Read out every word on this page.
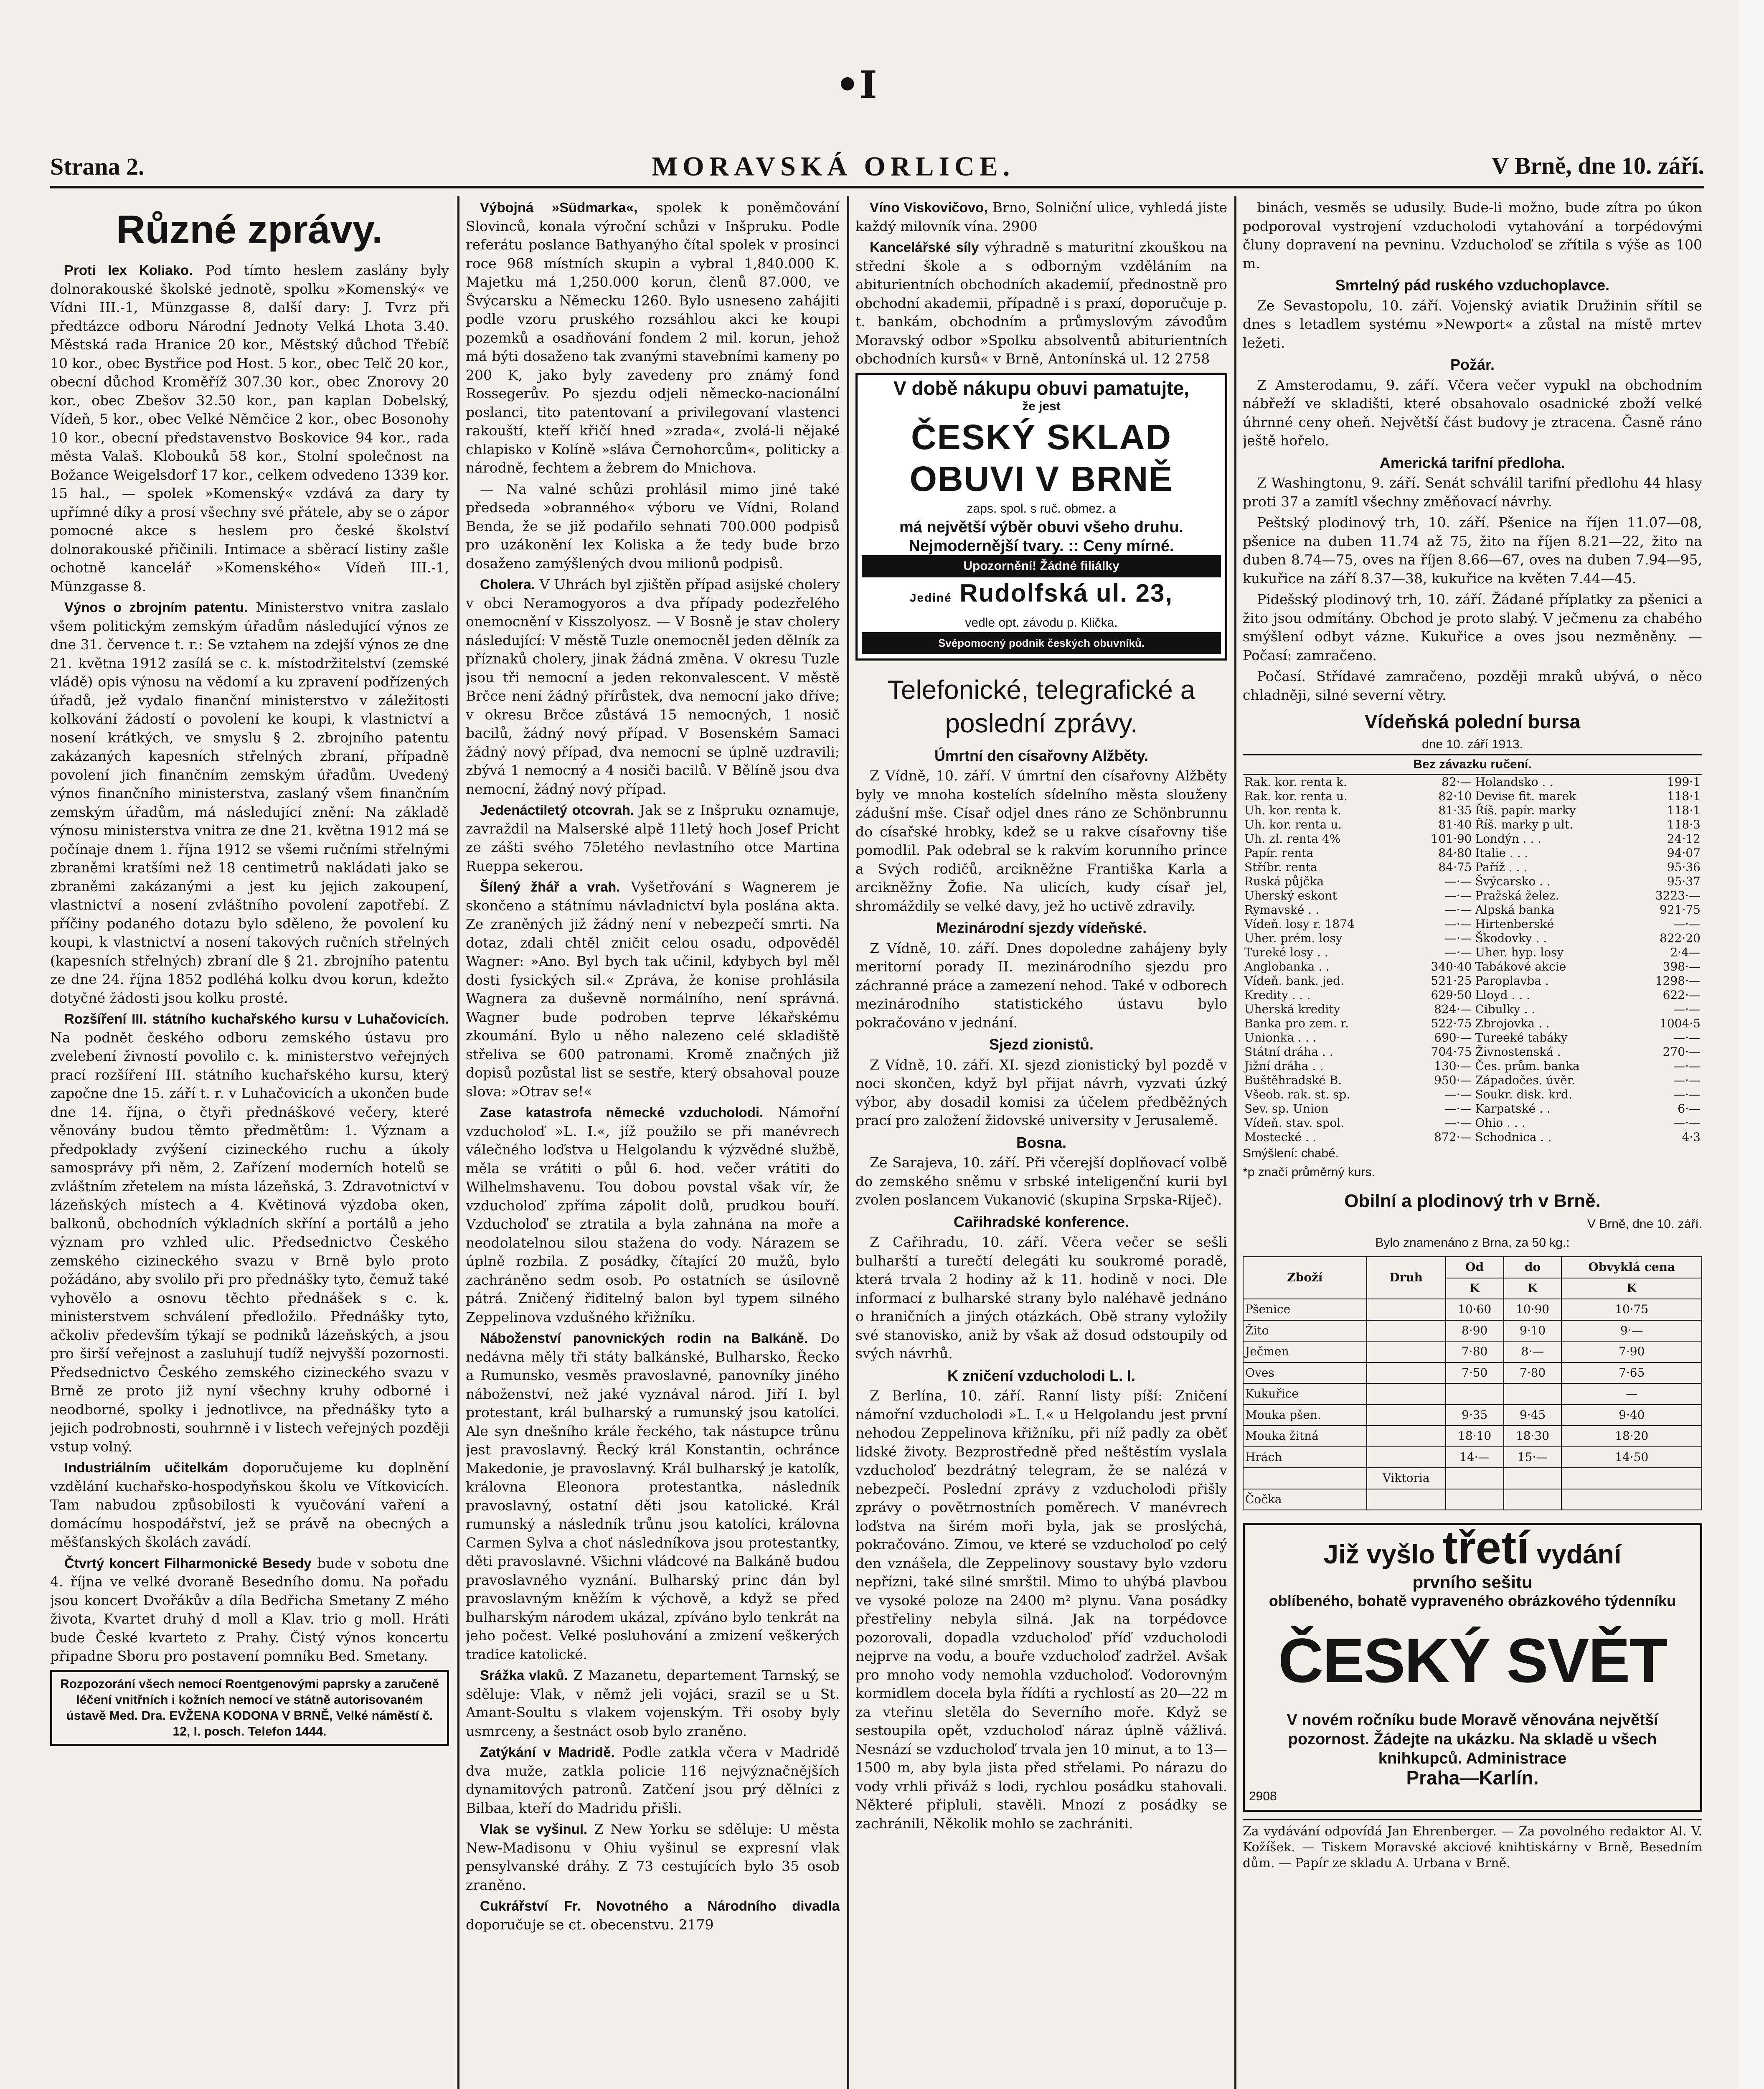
•I
Strana 2.	MORAVSKÁ ORLICE.	V Brně, dne 10. září.
Různé zprávy.

Proti lex Koliako. Pod tímto heslem zaslány byly dolnorakouské školské jednotě, spolku »Komenský« ve Vídni III.-1, Münzgasse 8, další dary: J. Tvrz při předtázce odboru Národní Jednoty Velká Lhota 3.40. Městská rada Hranice 20 kor., Městský důchod Třebíč 10 kor., obec Bystřice pod Host. 5 kor., obec Telč 20 kor., obecní důchod Kroměříž 307.30 kor., obec Znorovy 20 kor., obec Zbešov 32.50 kor., pan kaplan Dobelský, Vídeň, 5 kor., obec Velké Němčice 2 kor., obec Bosonohy 10 kor., obecní představenstvo Boskovice 94 kor., rada města Valaš. Klobouků 58 kor., Stolní společnost na Božance Weigelsdorf 17 kor., celkem odvedeno 1339 kor. 15 hal., — spolek »Komenský« vzdává za dary ty upřímné díky a prosí všechny své přátele, aby se o zápor pomocné akce s heslem pro české školství dolnorakouské přičinili. Intimace a sběrací listiny zašle ochotně kancelář »Komenského« Vídeň III.-1, Münzgasse 8.

Výnos o zbrojním patentu. Ministerstvo vnitra zaslalo všem politickým zemským úřadům následující výnos ze dne 31. července t. r.: Se vztahem na zdejší výnos ze dne 21. května 1912 zasílá se c. k. místodržitelství (zemské vládě) opis výnosu na vědomí a ku zpravení podřízených úřadů, jež vydalo finanční ministerstvo v záležitosti kolkování žádostí o povolení ke koupi, k vlastnictví a nosení krátkých, ve smyslu § 2. zbrojního patentu zakázaných kapesních střelných zbraní, případně povolení jich finančním zemským úřadům. Uvedený výnos finančního ministerstva, zaslaný všem finančním zemským úřadům, má následující znění: Na základě výnosu ministerstva vnitra ze dne 21. května 1912 má se počínaje dnem 1. října 1912 se všemi ručními střelnými zbraněmi kratšími než 18 centimetrů nakládati jako se zbraněmi zakázanými a jest ku jejich zakoupení, vlastnictví a nosení zvláštního povolení zapotřebí. Z příčiny podaného dotazu bylo sděleno, že povolení ku koupi, k vlastnictví a nosení takových ručních střelných (kapesních střelných) zbraní dle § 21. zbrojního patentu ze dne 24. října 1852 podléhá kolku dvou korun, kdežto dotyčné žádosti jsou kolku prosté.

Rozšíření III. státního kuchařského kursu v Luhačovicích. Na podnět českého odboru zemského ústavu pro zvelebení živností povolilo c. k. ministerstvo veřejných prací rozšíření III. státního kuchařského kursu, který započne dne 15. září t. r. v Luhačovicích a ukončen bude dne 14. října, o čtyři přednáškové večery, které věnovány budou těmto předmětům: 1. Význam a předpoklady zvýšení cizineckého ruchu a úkoly samosprávy při něm, 2. Zařízení moderních hotelů se zvláštním zřetelem na místa lázeňská, 3. Zdravotnictví v lázeňských místech a 4. Květinová výzdoba oken, balkonů, obchodních výkladních skříní a portálů a jeho význam pro vzhled ulic. Předsednictvo Českého zemského cizineckého svazu v Brně bylo proto požádáno, aby svolilo při pro přednášky tyto, čemuž také vyhovělo a osnovu těchto přednášek s c. k. ministerstvem schválení předložilo. Přednášky tyto, ačkoliv především týkají se podniků lázeňských, a jsou pro širší veřejnost a zasluhují tudíž nejvyšší pozornosti. Předsednictvo Českého zemského cizineckého svazu v Brně ze proto již nyní všechny kruhy odborné i neodborné, spolky i jednotlivce, na přednášky tyto a jejich podrobnosti, souhrnně i v listech veřejných později vstup volný.

Industriálním učitelkám doporučujeme ku doplnění vzdělání kuchařsko-hospodyňskou školu ve Vítkovicích. Tam nabudou způsobilosti k vyučování vaření a domácímu hospodářství, jež se právě na obecných a měšťanských školách zavádí.

Čtvrtý koncert Filharmonické Besedy bude v sobotu dne 4. října ve velké dvoraně Besedního domu. Na pořadu jsou koncert Dvořákův a díla Bedřicha Smetany Z mého života, Kvartet druhý d moll a Klav. trio g moll. Hráti bude České kvarteto z Prahy. Čistý výnos koncertu připadne Sboru pro postavení pomníku Bed. Smetany.

Rozpozorání všech nemocí Roentgenovými paprsky a zaručeně léčení vnitřních i kožních nemocí ve státně autorisovaném ústavě Med. Dra. EVŽENA KODONA V BRNĚ, Velké náměstí č. 12, I. posch. Telefon 1444.

Výbojná »Südmarka«, spolek k poněmčování Slovinců, konala výroční schůzi v Inšpruku. Podle referátu poslance Bathyanýho čítal spolek v prosinci roce 968 místních skupin a vybral 1,840.000 K. Majetku má 1,250.000 korun, členů 87.000, ve Švýcarsku a Německu 1260. Bylo usneseno zahájiti podle vzoru pruského rozsáhlou akci ke koupi pozemků a osadňování fondem 2 mil. korun, jehož má býti dosaženo tak zvanými stavebními kameny po 200 K, jako byly zavedeny pro známý fond Rossegerův. Po sjezdu odjeli německo-nacionální poslanci, tito patentovaní a privilegovaní vlastenci rakouští, kteří křičí hned »zrada«, zvolá-li nějaké chlapisko v Kolíně »sláva Černohorcům«, politicky a národně, fechtem a žebrem do Mnichova.

— Na valné schůzi prohlásil mimo jiné také předseda »obranného« výboru ve Vídni, Roland Benda, že se již podařilo sehnati 700.000 podpisů pro uzákonění lex Koliska a že tedy bude brzo dosaženo zamýšlených dvou milionů podpisů.

Cholera. V Uhrách byl zjištěn případ asijské cholery v obci Neramogyoros a dva případy podezřelého onemocnění v Kisszolyosz. — V Bosně je stav cholery následující: V městě Tuzle onemocněl jeden dělník za příznaků cholery, jinak žádná změna. V okresu Tuzle jsou tři nemocní a jeden rekonvalescent. V městě Brčce není žádný přírůstek, dva nemocní jako dříve; v okresu Brčce zůstává 15 nemocných, 1 nosič bacilů, žádný nový případ. V Bosenském Samaci žádný nový případ, dva nemocní se úplně uzdravili; zbývá 1 nemocný a 4 nosiči bacilů. V Bělíně jsou dva nemocní, žádný nový případ.

Jedenáctiletý otcovrah. Jak se z Inšpruku oznamuje, zavraždil na Malserské alpě 11letý hoch Josef Pricht ze zášti svého 75letého nevlastního otce Martina Rueppa sekerou.

Šílený žhář a vrah. Vyšetřování s Wagnerem je skončeno a státnímu návladnictví byla poslána akta. Ze zraněných již žádný není v nebezpečí smrti. Na dotaz, zdali chtěl zničit celou osadu, odpověděl Wagner: »Ano. Byl bych tak učinil, kdybych byl měl dosti fysických sil.« Zpráva, že konise prohlásila Wagnera za duševně normálního, není správná. Wagner bude podroben teprve lékařskému zkoumání. Bylo u něho nalezeno celé skladiště střeliva se 600 patronami. Kromě značných již dopisů pozůstal list se sestře, který obsahoval pouze slova: »Otrav se!«

Zase katastrofa německé vzducholodi. Námořní vzducholoď »L. I.«, jíž použilo se při manévrech válečného loďstva u Helgolandu k výzvědné službě, měla se vrátiti o půl 6. hod. večer vrátiti do Wilhelmshavenu. Tou dobou povstal však vír, že vzducholoď zpříma zápolit dolů, prudkou bouří. Vzducholoď se ztratila a byla zahnána na moře a neodolatelnou silou stažena do vody. Nárazem se úplně rozbila. Z posádky, čítající 20 mužů, bylo zachráněno sedm osob. Po ostatních se úsilovně pátrá. Zničený řiditelný balon byl typem silného Zeppelinova vzdušného křižníku.

Náboženství panovnických rodin na Balkáně. Do nedávna měly tři státy balkánské, Bulharsko, Řecko a Rumunsko, vesměs pravoslavné, panovníky jiného náboženství, než jaké vyznával národ. Jiří I. byl protestant, král bulharský a rumunský jsou katolíci. Ale syn dnešního krále řeckého, tak nástupce trůnu jest pravoslavný. Řecký král Konstantin, ochránce Makedonie, je pravoslavný. Král bulharský je katolík, královna Eleonora protestantka, následník pravoslavný, ostatní děti jsou katolické. Král rumunský a následník trůnu jsou katolíci, královna Carmen Sylva a choť následníkova jsou protestantky, děti pravoslavné. Všichni vládcové na Balkáně budou pravoslavného vyznání. Bulharský princ dán byl pravoslavným kněžím k výchově, a když se před bulharským národem ukázal, zpíváno bylo tenkrát na jeho počest. Velké posluhování a zmizení veškerých tradice katolické.

Srážka vlaků. Z Mazanetu, departement Tarnský, se sděluje: Vlak, v němž jeli vojáci, srazil se u St. Amant-Soultu s vlakem vojenským. Tři osoby byly usmrceny, a šestnáct osob bylo zraněno.

Zatýkání v Madridě. Podle zatkla včera v Madridě dva muže, zatkla policie 116 nejvýznačnějších dynamitových patronů. Zatčení jsou prý dělníci z Bilbaa, kteří do Madridu přišli.

Vlak se vyšinul. Z New Yorku se sděluje: U města New-Madisonu v Ohiu vyšinul se expresní vlak pensylvanské dráhy. Z 73 cestujících bylo 35 osob zraněno.

Cukrářství Fr. Novotného a Národního divadla doporučuje se ct. obecenstvu. 2179

Víno Viskovičovo, Brno, Solniční ulice, vyhledá jiste každý milovník vína. 2900

Kancelářské síly výhradně s maturitní zkouškou na střední škole a s odborným vzděláním na abiturientních obchodních akademií, přednostně pro obchodní akademii, případně i s praxí, doporučuje p. t. bankám, obchodním a průmyslovým závodům Moravský odbor »Spolku absolventů abiturientních obchodních kursů« v Brně, Antonínská ul. 12 2758

V době nákupu obuvi pamatujte,
že jest
ČESKÝ SKLAD
OBUVI V BRNĚ
zaps. spol. s ruč. obmez. a
má největší výběr obuvi všeho druhu.
Nejmodernější tvary. :: Ceny mírné.
Upozornění! Žádné filiálky
Jediné Rudolfská ul. 23,
vedle opt. závodu p. Klička.
Svépomocný podnik českých obuvníků.
Telefonické, telegrafické a poslední zprávy.
Úmrtní den císařovny Alžběty.

Z Vídně, 10. září. V úmrtní den císařovny Alžběty byly ve mnoha kostelích sídelního města slouženy zádušní mše. Císař odjel dnes ráno ze Schönbrunnu do císařské hrobky, kdež se u rakve císařovny tiše pomodlil. Pak odebral se k rakvím korunního prince a Svých rodičů, arcikněžne Františka Karla a arcikněžny Žofie. Na ulicích, kudy císař jel, shromáždily se velké davy, jež ho uctivě zdravily.

Mezinárodní sjezdy vídeňské.

Z Vídně, 10. září. Dnes dopoledne zahájeny byly meritorní porady II. mezinárodního sjezdu pro záchranné práce a zamezení nehod. Také v odborech mezinárodního statistického ústavu bylo pokračováno v jednání.

Sjezd zionistů.

Z Vídně, 10. září. XI. sjezd zionistický byl pozdě v noci skončen, když byl přijat návrh, vyzvati úzký výbor, aby dosadil komisi za účelem předběžných prací pro založení židovské university v Jerusalemě.

Bosna.

Ze Sarajeva, 10. září. Při včerejší doplňovací volbě do zemského sněmu v srbské inteligenční kurii byl zvolen poslancem Vukanović (skupina Srpska-Riječ).

Cařihradské konference.

Z Cařihradu, 10. září. Včera večer se sešli bulharští a turečtí delegáti ku soukromé poradě, která trvala 2 hodiny až k 11. hodině v noci. Dle informací z bulharské strany bylo naléhavě jednáno o hraničních a jiných otázkách. Obě strany vyložily své stanovisko, aniž by však až dosud odstoupily od svých návrhů.

K zničení vzducholodi L. I.

Z Berlína, 10. září. Ranní listy píší: Zničení námořní vzducholodi »L. I.« u Helgolandu jest první nehodou Zeppelinova křižníku, při níž padly za oběť lidské životy. Bezprostředně před neštěstím vyslala vzducholoď bezdrátný telegram, že se nalézá v nebezpečí. Poslední zprávy z vzducholodi přišly zprávy o povětrnostních poměrech. V manévrech loďstva na širém moři byla, jak se proslýchá, pokračováno. Zimou, ve které se vzducholoď po celý den vznášela, dle Zeppelinovy soustavy bylo vzdoru nepřízni, také silné smrštil. Mimo to uhýbá plavbou ve vysoké poloze na 2400 m² plynu. Vana posádky přestřeliny nebyla silná. Jak na torpédovce pozorovali, dopadla vzducholoď příď vzducholodi nejprve na vodu, a bouře vzducholoď zadržel. Avšak pro mnoho vody nemohla vzducholoď. Vodorovným kormidlem docela byla řídíti a rychlostí as 20—22 m za vteřinu sletěla do Severního moře. Když se sestoupila opět, vzducholoď náraz úplně vážlivá. Nesnází se vzducholoď trvala jen 10 minut, a to 13—1500 m, aby byla jista před střelami. Po nárazu do vody vrhli přiváž s lodi, rychlou posádku stahovali. Některé připluli, stavěli. Mnozí z posádky se zachránili, Několik mohlo se zachrániti.

binách, vesměs se udusily. Bude-li možno, bude zítra po úkon podporoval vystrojení vzducholodi vytahování a torpédovými čluny dopravení na pevninu. Vzducholoď se zřítila s výše as 100 m.

Smrtelný pád ruského vzduchoplavce.

Ze Sevastopolu, 10. září. Vojenský aviatik Družinin sřítil se dnes s letadlem systému »Newport« a zůstal na místě mrtev ležeti.

Požár.

Z Amsterodamu, 9. září. Včera večer vypukl na obchodním nábřeží ve skladišti, které obsahovalo osadnické zboží velké úhrnné ceny oheň. Největší část budovy je ztracena. Časně ráno ještě hořelo.

Americká tarifní předloha.

Z Washingtonu, 9. září. Senát schválil tarifní předlohu 44 hlasy proti 37 a zamítl všechny změňovací návrhy.

Peštský plodinový trh, 10. září. Pšenice na říjen 11.07—08, pšenice na duben 11.74 až 75, žito na říjen 8.21—22, žito na duben 8.74—75, oves na říjen 8.66—67, oves na duben 7.94—95, kukuřice na září 8.37—38, kukuřice na květen 7.44—45.

Pidešský plodinový trh, 10. září. Žádané příplatky za pšenici a žito jsou odmítány. Obchod je proto slabý. V ječmenu za chabého smýšlení odbyt vázne. Kukuřice a oves jsou nezměněny. — Počasí: zamračeno.

Počasí. Střídavé zamračeno, později mraků ubývá, o něco chladněji, silné severní větry.

Vídeňská polední bursa
dne 10. září 1913.
Bez závazku ručení.
Rak. kor. renta k.	82·—	Holandsko . .	199·1
Rak. kor. renta u.	82·10	Devise fit. marek	118·1
Uh. kor. renta k.	81·35	Říš. papír. marky	118·1
Uh. kor. renta u.	81·40	Říš. marky p ult.	118·3
Uh. zl. renta 4%	101·90	Londýn . . .	24·12
Papír. renta	84·80	Italie . . .	94·07
Stříbr. renta	84·75	Paříž . . .	95·36
Ruská půjčka	—·—	Švýcarsko . .	95·37
Uherský eskont	—·—	Pražská želez.	3223·—
Rymavské . .	—·—	Alpská banka	921·75
Vídeň. losy r. 1874	—·—	Hirtenberské	—·—
Uher. prém. losy	—·—	Škodovky . .	822·20
Tureké losy . .	—·—	Uher. hyp. losy	2·4—
Anglobanka . .	340·40	Tabákové akcie	398·—
Vídeň. bank. jed.	521·25	Paroplavba .	1298·—
Kredity . . .	629·50	Lloyd . . .	622·—
Uherská kredity	824·—	Cibulky . .	—·—
Banka pro zem. r.	522·75	Zbrojovka . .	1004·5
Unionka . . .	690·—	Tureeké tabáky	—·—
Státní dráha . .	704·75	Živnostenská .	270·—
Jižní dráha . .	130·—	Čes. prům. banka	—·—
Buštěhradské B.	950·—	Západočes. úvěr.	—·—
Všeob. rak. st. sp.	—·—	Soukr. disk. krd.	—·—
Sev. sp. Union	—·—	Karpatské . .	6·—
Vídeň. stav. spol.	—·—	Ohio . . .	—·—
Mostecké . .	872·—	Schodnica . .	4·3
Smýšlení: chabé.
*p značí průměrný kurs.
Obilní a plodinový trh v Brně.
V Brně, dne 10. září.
Bylo znamenáno z Brna, za 50 kg.:
Zboží	Druh	Od	do	Obvyklá cena
		K	K	K
Pšenice		10·60	10·90	10·75
Žito		8·90	9·10	9·—
Ječmen		7·80	8·—	7·90
Oves		7·50	7·80	7·65
Kukuřice				—
Mouka pšen.		9·35	9·45	9·40
Mouka žitná		18·10	18·30	18·20
Hrách		14·—	15·—	14·50
	Viktoria			
Čočka				
Již vyšlo třetí vydání
prvního sešitu
oblíbeného, bohatě vypraveného obrázkového týdenníku
ČESKÝ SVĚT
V novém ročníku bude Moravě věnována největší pozornost. Žádejte na ukázku. Na skladě u všech knihkupců. Administrace
Praha—Karlín.
2908
Za vydávání odpovídá Jan Ehrenberger. — Za povolného redaktor Al. V. Kožíšek. — Tiskem Moravské akciové knihtiskárny v Brně, Besedním dům. — Papír ze skladu A. Urbana v Brně.
